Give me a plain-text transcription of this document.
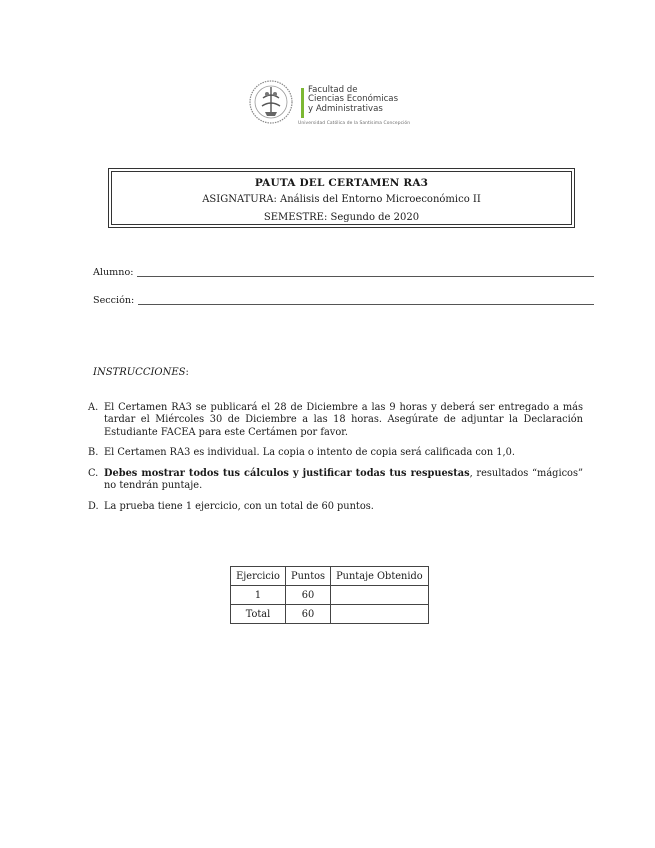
Facultad de
Ciencias Económicas
y Administrativas
Universidad Católica de la Santísima Concepción
PAUTA DEL CERTAMEN RA3
ASIGNATURA: Análisis del Entorno Microeconómico II
SEMESTRE: Segundo de 2020
Alumno:
Sección:
INSTRUCCIONES:
A. El Certamen RA3 se publicará el 28 de Diciembre a las 9 horas y deberá ser entregado a más tardar el Miércoles 30 de Diciembre a las 18 horas. Asegúrate de adjuntar la Declaración Estudiante FACEA para este Certámen por favor.
B. El Certamen RA3 es individual. La copia o intento de copia será calificada con 1,0.
C. Debes mostrar todos tus cálculos y justificar todas tus respuestas, resultados “mágicos” no tendrán puntaje.
D. La prueba tiene 1 ejercicio, con un total de 60 puntos.
Ejercicio	Puntos	Puntaje Obtenido
1	60	
Total	60	
